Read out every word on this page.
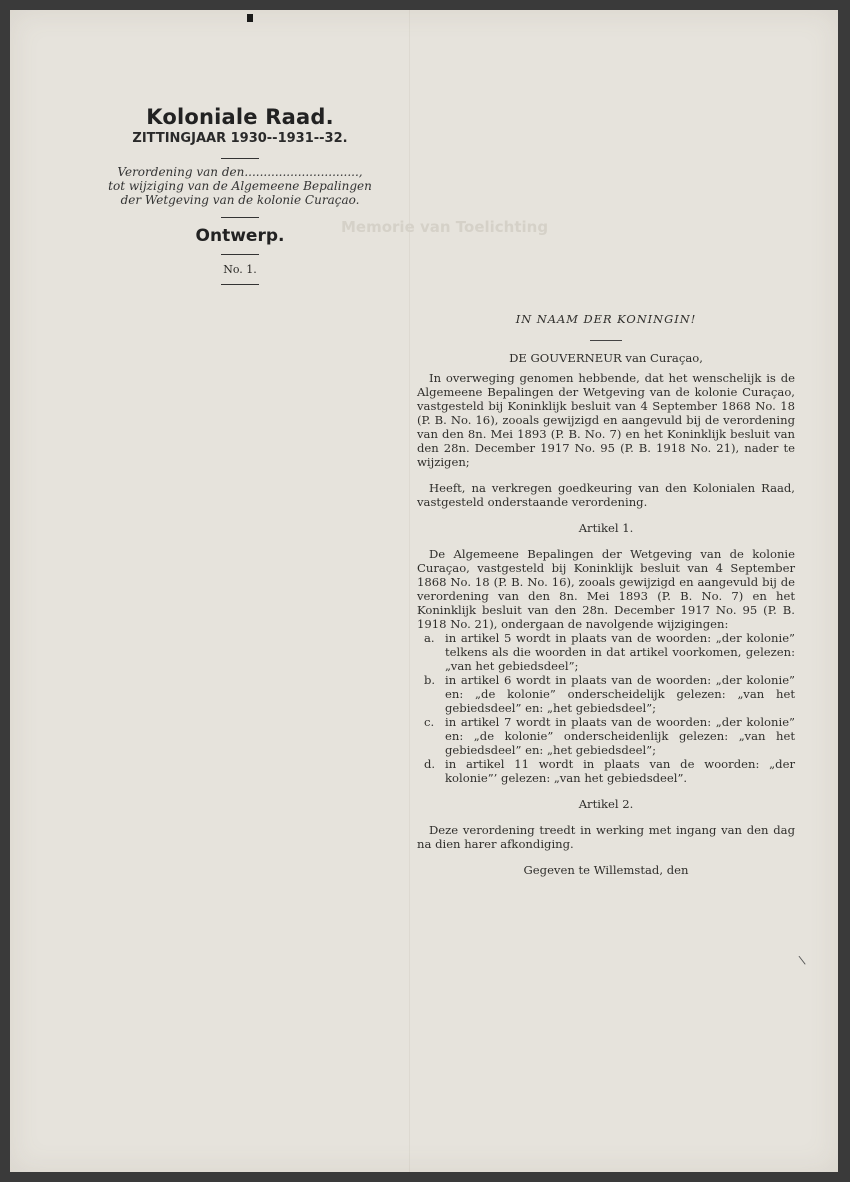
Memorie van Toelichting
Koloniale Raad.
ZITTINGJAAR 1930--1931--32.
Verordening van den..............................,
tot wijziging van de Algemeene Bepalingen
der Wetgeving van de kolonie Curaçao.
Ontwerp.
No. 1.
IN NAAM DER KONINGIN!
DE GOUVERNEUR van Curaçao,

In overweging genomen hebbende, dat het wenschelijk is de Algemeene Bepalingen der Wetgeving van de kolonie Curaçao, vastgesteld bij Koninklijk besluit van 4 September 1868 No. 18 (P. B. No. 16), zooals gewijzigd en aangevuld bij de verordening van den 8n. Mei 1893 (P. B. No. 7) en het Koninklijk besluit van den 28n. December 1917 No. 95 (P. B. 1918 No. 21), nader te wijzigen;

Heeft, na verkregen goedkeuring van den Kolonialen Raad, vastgesteld onderstaande verordening.

Artikel 1.

De Algemeene Bepalingen der Wetgeving van de kolonie Curaçao, vastgesteld bij Koninklijk besluit van 4 September 1868 No. 18 (P. B. No. 16), zooals gewijzigd en aangevuld bij de verordening van den 8n. Mei 1893 (P. B. No. 7) en het Koninklijk besluit van den 28n. December 1917 No. 95 (P. B. 1918 No. 21), ondergaan de navolgende wijzigingen:

a. in artikel 5 wordt in plaats van de woorden: „der kolonie” telkens als die woorden in dat artikel voorkomen, gelezen: „van het gebiedsdeel”;
b. in artikel 6 wordt in plaats van de woorden: „der kolonie” en: „de kolonie” onderscheidelijk gelezen: „van het gebiedsdeel” en: „het gebiedsdeel”;
c. in artikel 7 wordt in plaats van de woorden: „der kolonie” en: „de kolonie” onderscheidenlijk gelezen: „van het gebiedsdeel” en: „het gebiedsdeel”;
d. in artikel 11 wordt in plaats van de woorden: „der kolonie”’ gelezen: „van het gebiedsdeel”.
Artikel 2.

Deze verordening treedt in werking met ingang van den dag na dien harer afkondiging.

Gegeven te Willemstad, den
\
